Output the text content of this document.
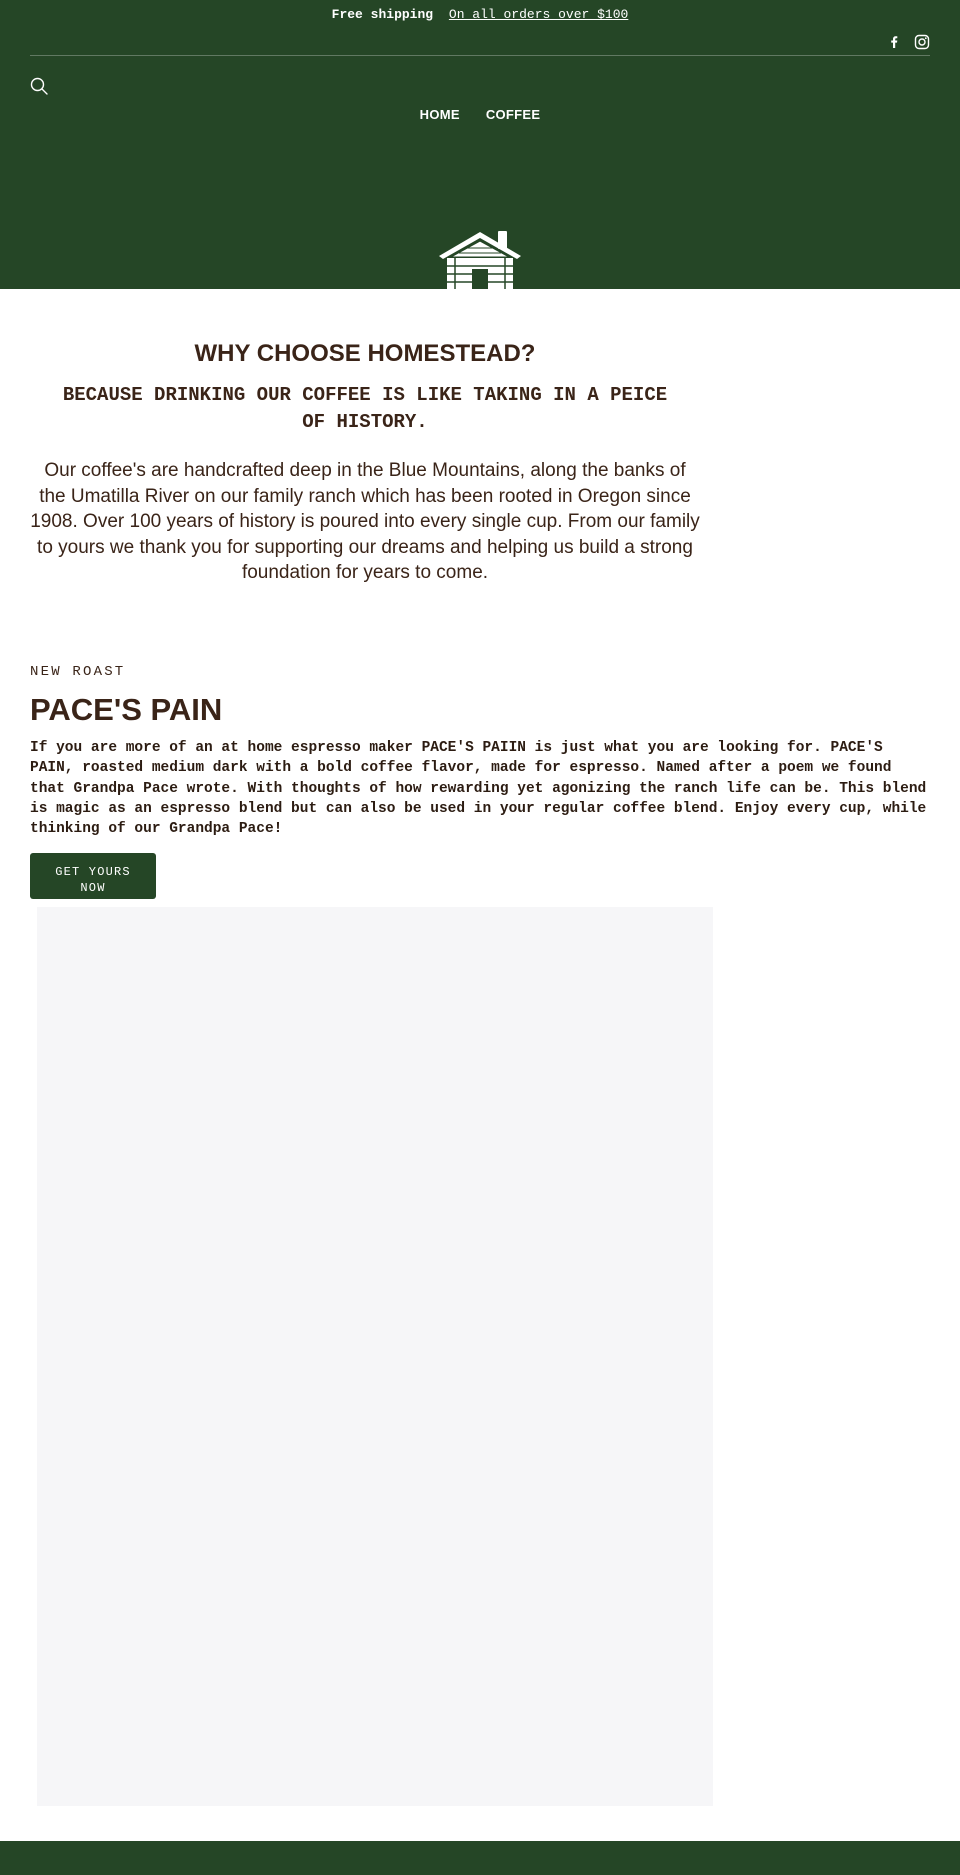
Free shipping On all orders over $100
HOME COFFEE
WHY CHOOSE HOMESTEAD?
BECAUSE DRINKING OUR COFFEE IS LIKE TAKING IN A PEICE OF HISTORY.

Our coffee's are handcrafted deep in the Blue Mountains, along the banks of the Umatilla River on our family ranch which has been rooted in Oregon since 1908. Over 100 years of history is poured into every single cup. From our family to yours we thank you for supporting our dreams and helping us build a strong foundation for years to come.

NEW ROAST
PACE'S PAIN

If you are more of an at home espresso maker PACE'S PAIIN is just what you are looking for. PACE'S PAIN, roasted medium dark with a bold coffee flavor, made for espresso. Named after a poem we found that Grandpa Pace wrote. With thoughts of how rewarding yet agonizing the ranch life can be. This blend is magic as an espresso blend but can also be used in your regular coffee blend. Enjoy every cup, while thinking of our Grandpa Pace!

GET YOURS
NOW
